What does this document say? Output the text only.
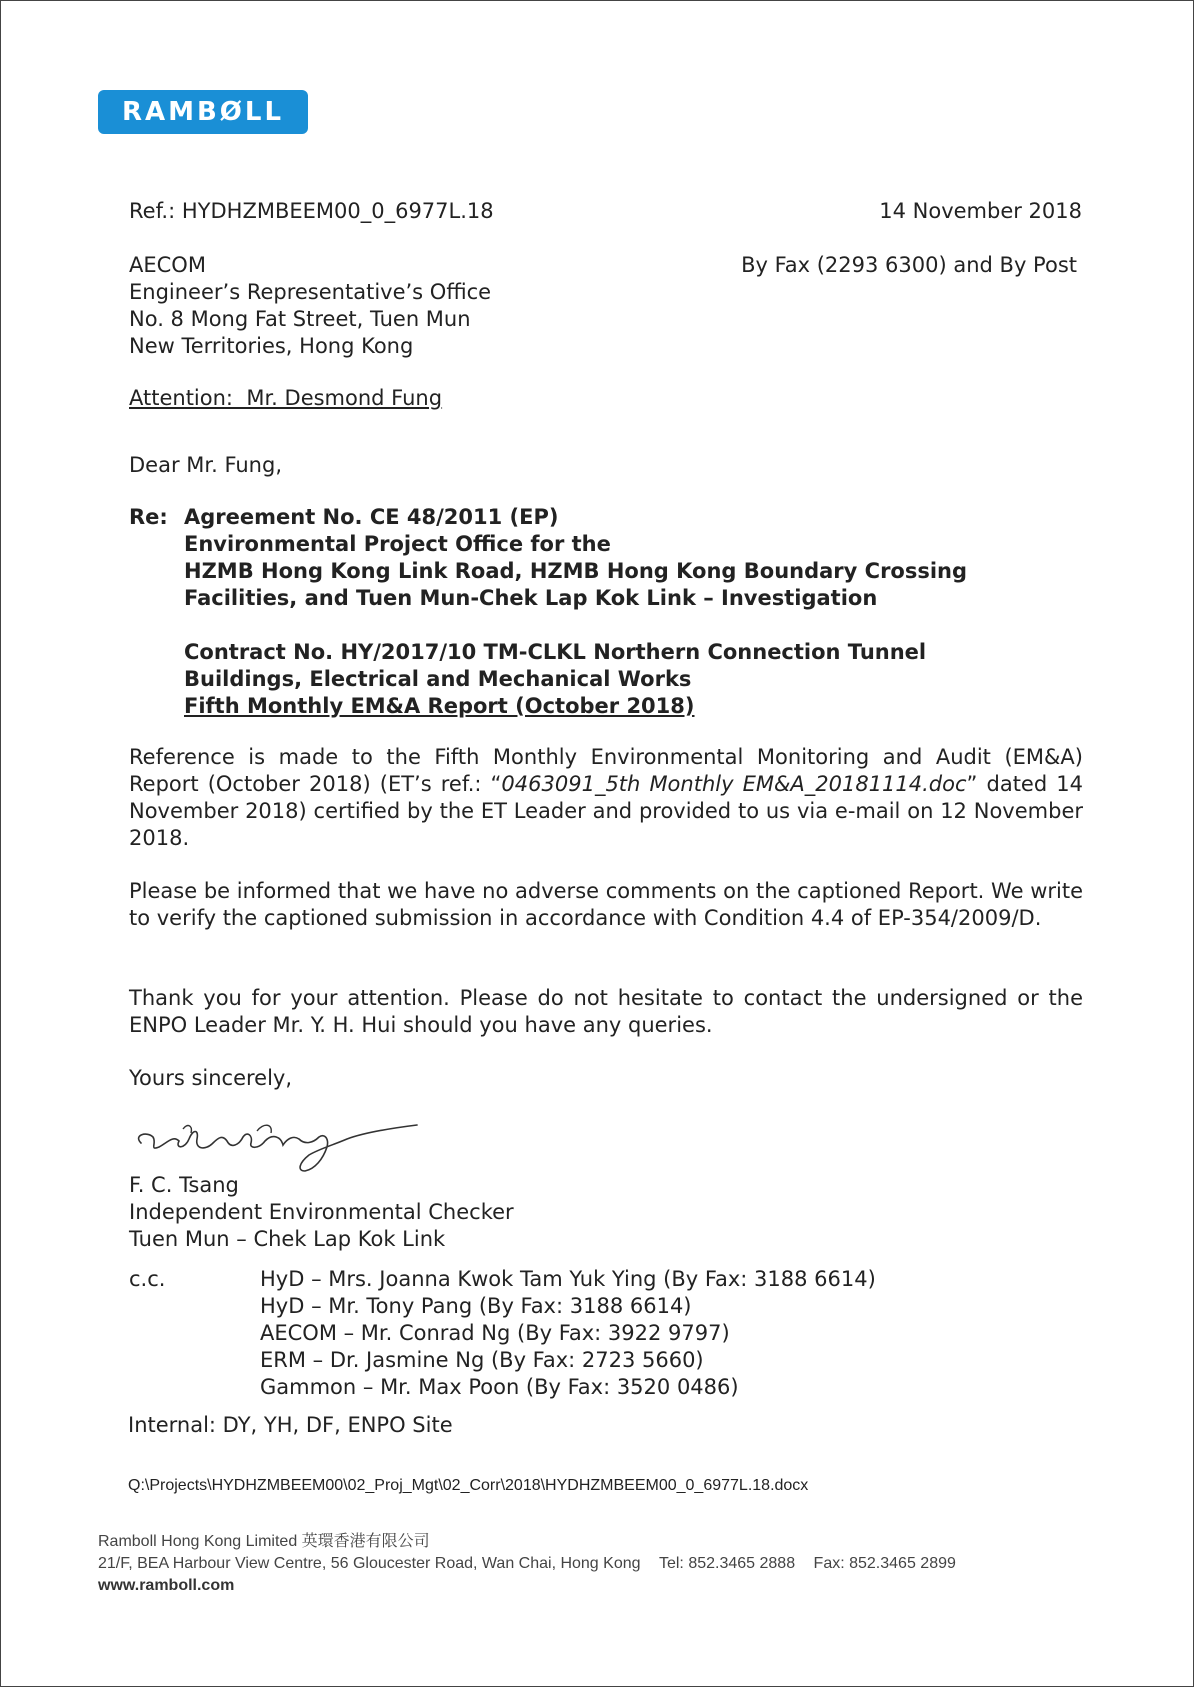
RAMBØLL
Ref.: HYDHZMBEEM00_0_6977L.18	14 November 2018
AECOM
Engineer’s Representative’s Office
No. 8 Mong Fat Street, Tuen Mun
New Territories, Hong Kong
By Fax (2293 6300) and By Post
Attention:  Mr. Desmond Fung
Dear Mr. Fung,
Re: Agreement No. CE 48/2011 (EP)
Environmental Project Office for the
HZMB Hong Kong Link Road, HZMB Hong Kong Boundary Crossing
Facilities, and Tuen Mun-Chek Lap Kok Link – Investigation
Contract No. HY/2017/10 TM-CLKL Northern Connection Tunnel
Buildings, Electrical and Mechanical Works
Fifth Monthly EM&A Report (October 2018)
Reference is made to the Fifth Monthly Environmental Monitoring and Audit (EM&A) Report (October 2018) (ET’s ref.: “0463091_5th Monthly EM&A_20181114.doc” dated 14 November 2018) certified by the ET Leader and provided to us via e-mail on 12 November 2018.
Please be informed that we have no adverse comments on the captioned Report. We write to verify the captioned submission in accordance with Condition 4.4 of EP-354/2009/D.
Thank you for your attention. Please do not hesitate to contact the undersigned or the ENPO Leader Mr. Y. H. Hui should you have any queries.
Yours sincerely,
F. C. Tsang
Independent Environmental Checker
Tuen Mun – Chek Lap Kok Link
c.c.	HyD – Mrs. Joanna Kwok Tam Yuk Ying (By Fax: 3188 6614)
HyD – Mr. Tony Pang (By Fax: 3188 6614)
AECOM – Mr. Conrad Ng (By Fax: 3922 9797)
ERM – Dr. Jasmine Ng (By Fax: 2723 5660)
Gammon – Mr. Max Poon (By Fax: 3520 0486)
Internal: DY, YH, DF, ENPO Site
Q:\Projects\HYDHZMBEEM00\02_Proj_Mgt\02_Corr\2018\HYDHZMBEEM00_0_6977L.18.docx
Ramboll Hong Kong Limited 英環香港有限公司
21/F, BEA Harbour View Centre, 56 Gloucester Road, Wan Chai, Hong Kong Tel: 852.3465 2888 Fax: 852.3465 2899
www.ramboll.com
